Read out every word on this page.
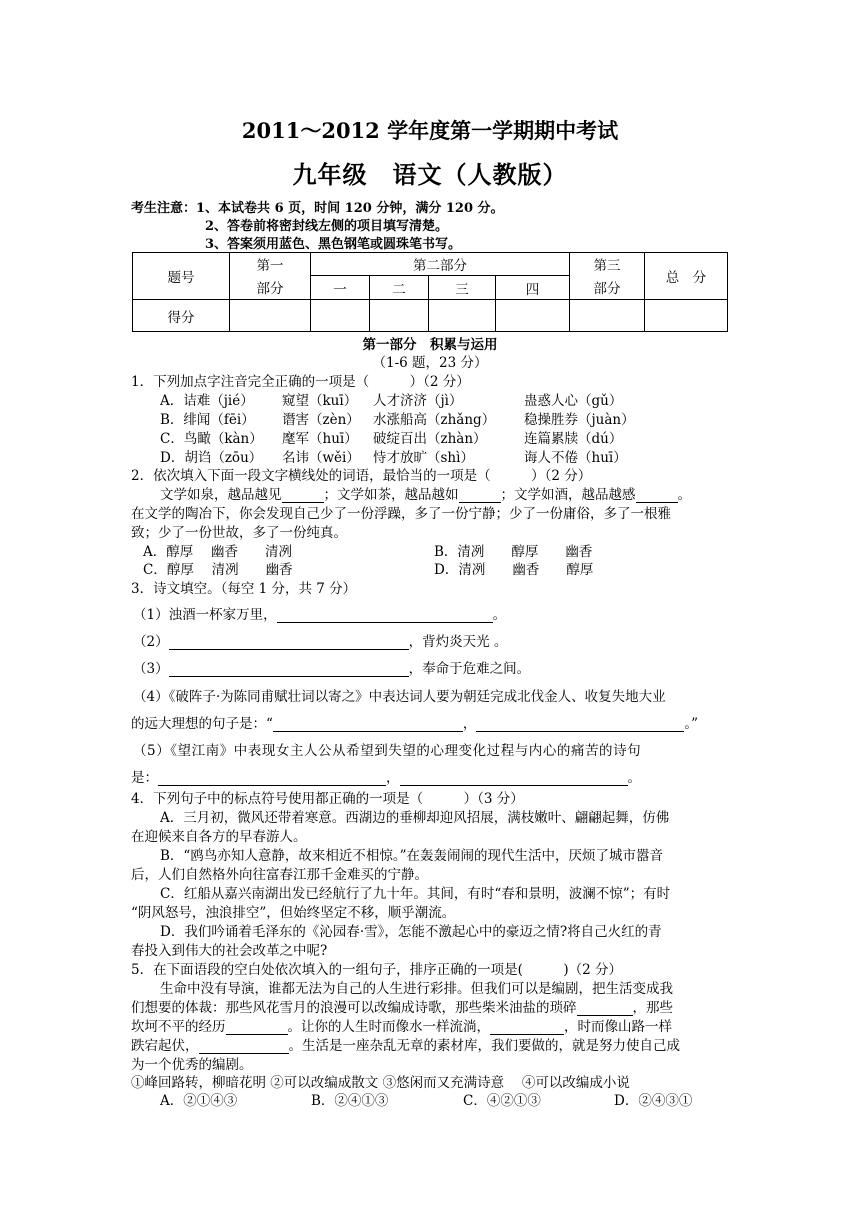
2011～2012 学年度第一学期期中考试
九年级　语文（人教版）
考生注意：1、本试卷共 6 页，时间 120 分钟，满分 120 分。
2、答卷前将密封线左侧的项目填写清楚。
3、答案须用蓝色、黑色钢笔或圆珠笔书写。
题号	第一	第二部分				第三	总　分
	部分	一	二	三	四	部分	
得分							
第一部分　积累与运用
（1-6 题，23 分）
1．下列加点字注音完全正确的一项是（　　　）（2 分）
A．诘难（jié） 窥望（kuī） 人才济济（jì）	蛊惑人心（gǔ）
B．绯闻（fēi） 谮害（zèn） 水涨船高（zhǎng） 稳操胜券（juàn）
C．鸟瞰（kàn） 麾军（huī） 破绽百出（zhàn）	连篇累牍（dú）
D．胡诌（zōu） 名讳（wěi） 恃才放旷（shì）	诲人不倦（huī）
2．依次填入下面一段文字横线处的词语，最恰当的一项是（　　　）（2 分）
文学如泉，越品越见	；文学如茶，越品越如	；文学如酒，越品越感	。
在文学的陶冶下，你会发现自己少了一份浮躁，多了一份宁静；少了一份庸俗，多了一根雅
致；少了一份世故，多了一份纯真。
A．醇厚　 幽香　　清冽	B．清冽　　醇厚　　幽香
C．醇厚　 清冽　　幽香	D．清冽　　幽香　　醇厚
3．诗文填空。（每空 1 分，共 7 分）
（1）浊酒一杯家万里，	。
（2）	，背灼炎天光 。
（3）	，奉命于危难之间。
（4）《破阵子·为陈同甫赋壮词以寄之》中表达词人要为朝廷完成北伐金人、收复失地大业
的远大理想的句子是：“	，	。”
（5）《望江南》中表现女主人公从希望到失望的心理变化过程与内心的痛苦的诗句
是：	，	。
4．下列句子中的标点符号使用都正确的一项是（　　　）（3 分）
A．三月初，微风还带着寒意。西湖边的垂柳却迎风招展，满枝嫩叶、翩翩起舞，仿佛
在迎候来自各方的早春游人。
B．“鸥鸟亦知人意静，故来相近不相惊。”在轰轰闹闹的现代生活中，厌烦了城市嚣音
后，人们自然格外向往富春江那千金难买的宁静。
C．红船从嘉兴南湖出发已经航行了九十年。其间，有时“春和景明，波澜不惊”；有时
“阴风怒号，浊浪排空”，但始终坚定不移，顺乎潮流。
D．我们吟诵着毛泽东的《沁园春·雪》，怎能不激起心中的豪迈之情?将自己火红的青
春投入到伟大的社会改革之中呢?
5．在下面语段的空白处依次填入的一组句子，排序正确的一项是(　　　)（2 分）
生命中没有导演，谁都无法为自己的人生进行彩排。但我们可以是编剧，把生活变成我
们想要的体裁：那些风花雪月的浪漫可以改编成诗歌，那些柴米油盐的琐碎	，那些
坎坷不平的经历	。让你的人生时而像水一样流淌，	，时而像山路一样
跌宕起伏，	。生活是一座杂乱无章的素材库，我们要做的，就是努力使自己成
为一个优秀的编剧。
①峰回路转，柳暗花明 ②可以改编成散文 ③悠闲而又充满诗意　 ④可以改编成小说
A．②①④③	B．②④①③	C．④②①③	D．②④③①
